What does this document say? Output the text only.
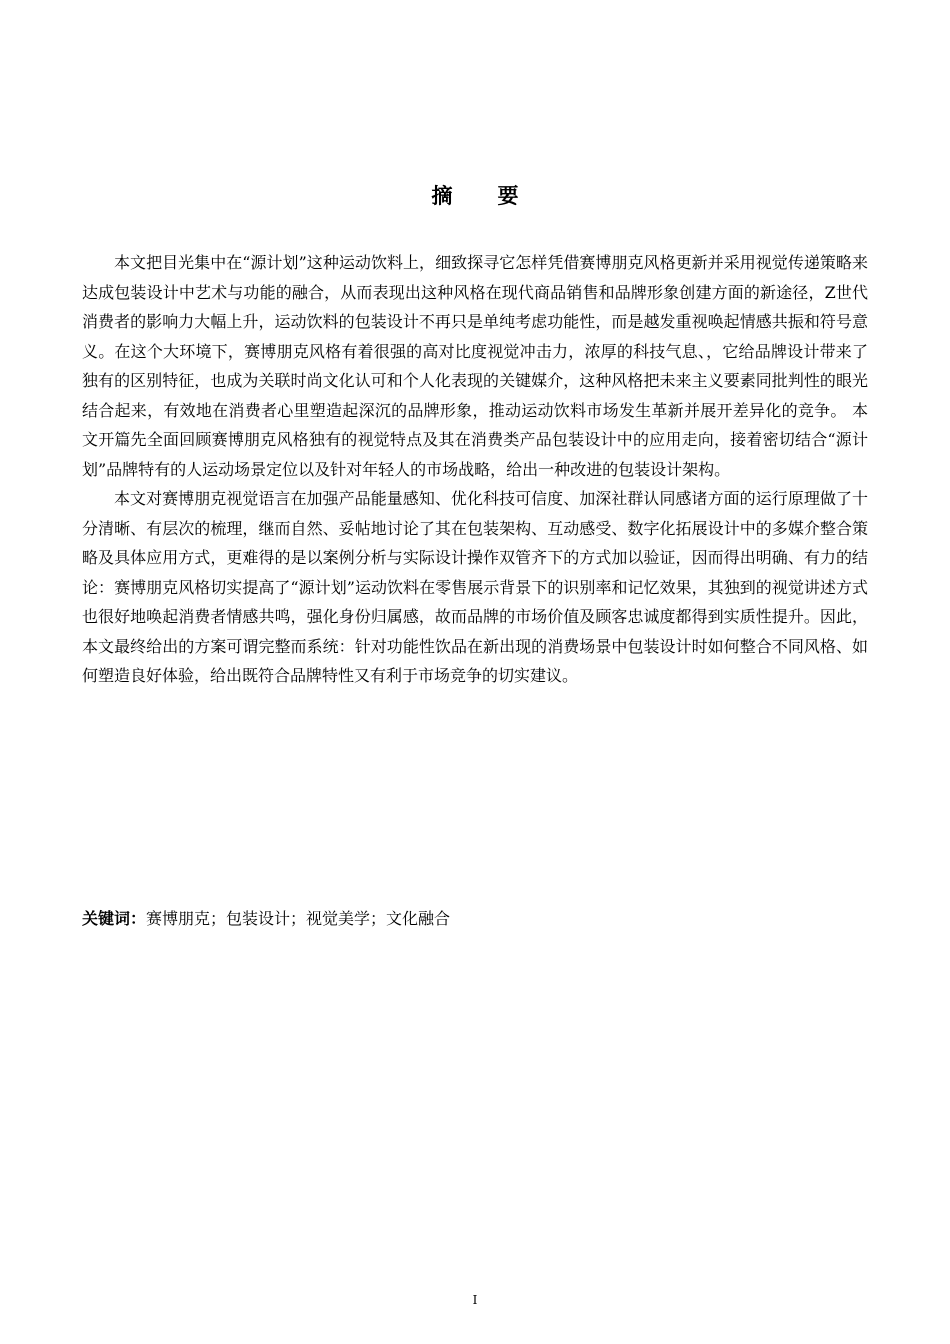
摘 要

本文把目光集中在“源计划”这种运动饮料上，细致探寻它怎样凭借赛博朋克风格更新并采用视觉传递策略来达成包装设计中艺术与功能的融合，从而表现出这种风格在现代商品销售和品牌形象创建方面的新途径，Z世代消费者的影响力大幅上升，运动饮料的包装设计不再只是单纯考虑功能性，而是越发重视唤起情感共振和符号意义。在这个大环境下，赛博朋克风格有着很强的高对比度视觉冲击力，浓厚的科技气息、，它给品牌设计带来了独有的区别特征，也成为关联时尚文化认可和个人化表现的关键媒介，这种风格把未来主义要素同批判性的眼光结合起来，有效地在消费者心里塑造起深沉的品牌形象，推动运动饮料市场发生革新并展开差异化的竞争。 本文开篇先全面回顾赛博朋克风格独有的视觉特点及其在消费类产品包装设计中的应用走向，接着密切结合“源计划”品牌特有的人运动场景定位以及针对年轻人的市场战略，给出一种改进的包装设计架构。

本文对赛博朋克视觉语言在加强产品能量感知、优化科技可信度、加深社群认同感诸方面的运行原理做了十分清晰、有层次的梳理，继而自然、妥帖地讨论了其在包装架构、互动感受、数字化拓展设计中的多媒介整合策略及具体应用方式，更难得的是以案例分析与实际设计操作双管齐下的方式加以验证，因而得出明确、有力的结论：赛博朋克风格切实提高了“源计划”运动饮料在零售展示背景下的识别率和记忆效果，其独到的视觉讲述方式也很好地唤起消费者情感共鸣，强化身份归属感，故而品牌的市场价值及顾客忠诚度都得到实质性提升。因此，本文最终给出的方案可谓完整而系统：针对功能性饮品在新出现的消费场景中包装设计时如何整合不同风格、如何塑造良好体验，给出既符合品牌特性又有利于市场竞争的切实建议。

关键词：赛博朋克；包装设计；视觉美学；文化融合
I
